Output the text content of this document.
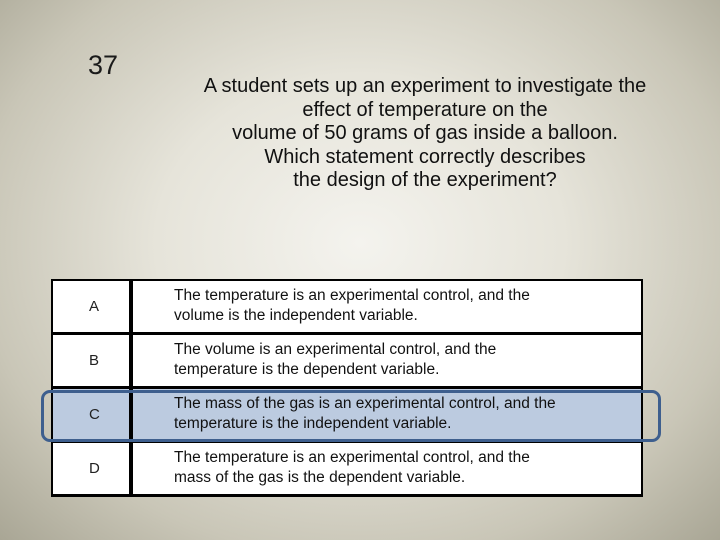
37
A student sets up an experiment to investigate the
effect of temperature on the
volume of 50 grams of gas inside a balloon.
Which statement correctly describes
the design of the experiment?
A
The temperature is an experimental control, and the
volume is the independent variable.
B
The volume is an experimental control, and the
temperature is the dependent variable.
C
The mass of the gas is an experimental control, and the
temperature is the independent variable.
D
The temperature is an experimental control, and the
mass of the gas is the dependent variable.
